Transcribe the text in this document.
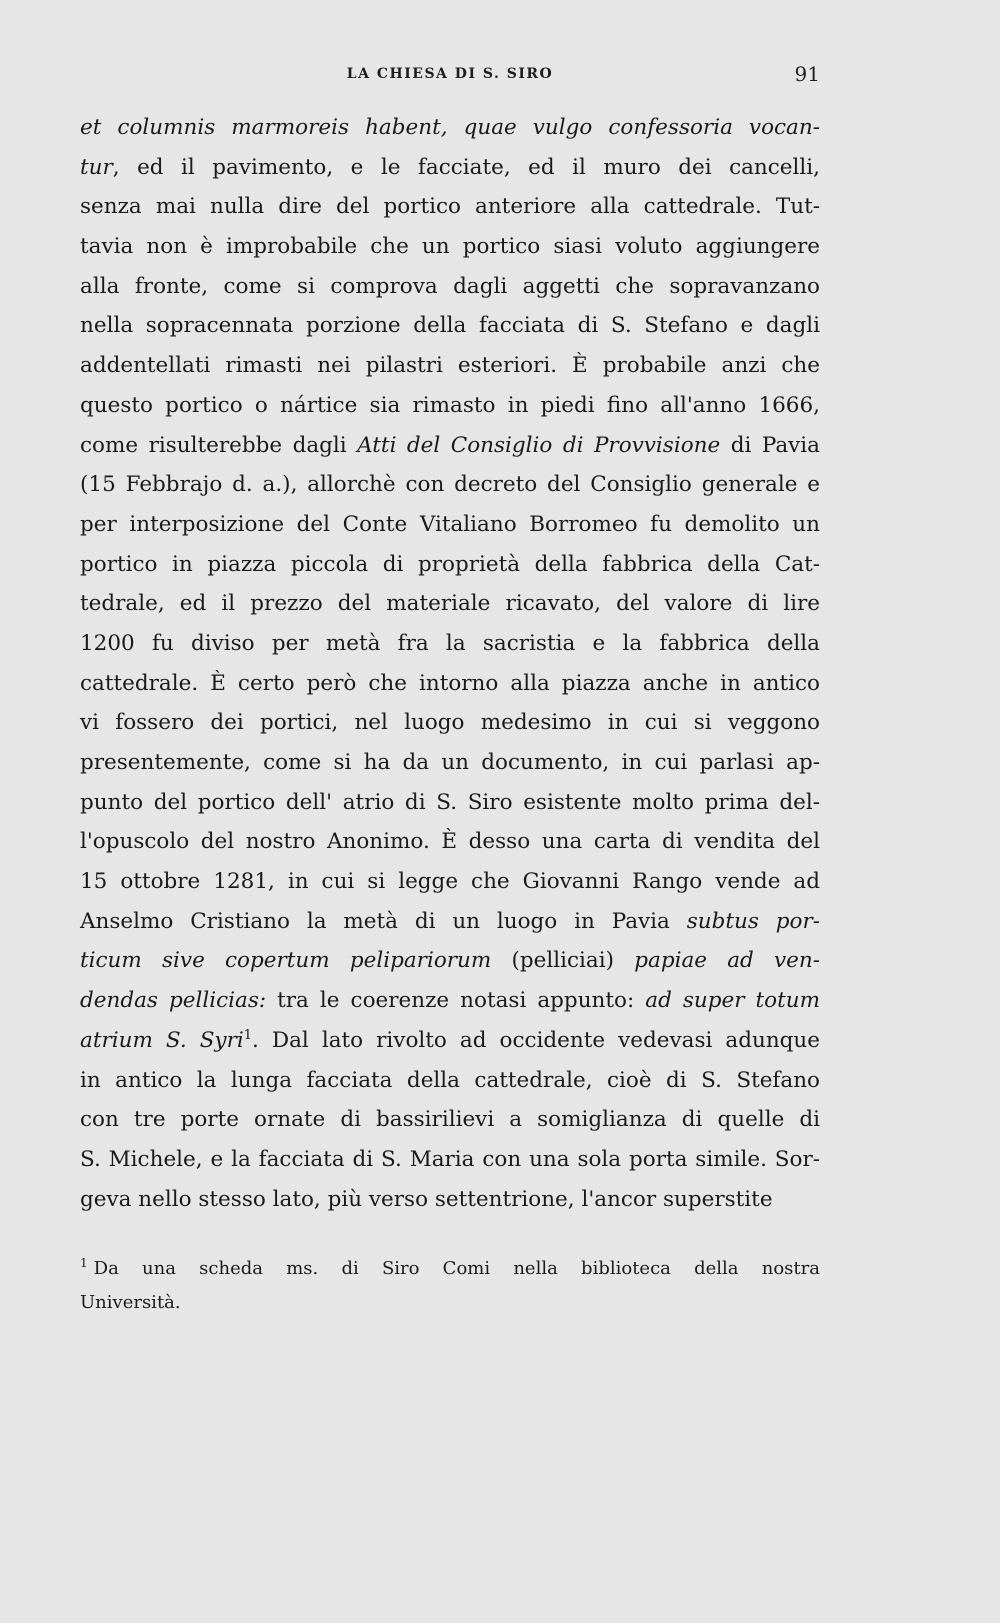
LA CHIESA DI S. SIRO	91
et columnis marmoreis habent, quae vulgo confessoria vocan-
tur, ed il pavimento, e le facciate, ed il muro dei cancelli,
senza mai nulla dire del portico anteriore alla cattedrale. Tut-
tavia non è improbabile che un portico siasi voluto aggiungere
alla fronte, come si comprova dagli aggetti che sopravanzano
nella sopracennata porzione della facciata di S. Stefano e dagli
addentellati rimasti nei pilastri esteriori. È probabile anzi che
questo portico o nártice sia rimasto in piedi fino all'anno 1666,
come risulterebbe dagli Atti del Consiglio di Provvisione di Pavia
(15 Febbrajo d. a.), allorchè con decreto del Consiglio generale e
per interposizione del Conte Vitaliano Borromeo fu demolito un
portico in piazza piccola di proprietà della fabbrica della Cat-
tedrale, ed il prezzo del materiale ricavato, del valore di lire
1200 fu diviso per metà fra la sacristia e la fabbrica della
cattedrale. È certo però che intorno alla piazza anche in antico
vi fossero dei portici, nel luogo medesimo in cui si veggono
presentemente, come si ha da un documento, in cui parlasi ap-
punto del portico dell' atrio di S. Siro esistente molto prima del-
l'opuscolo del nostro Anonimo. È desso una carta di vendita del
15 ottobre 1281, in cui si legge che Giovanni Rango vende ad
Anselmo Cristiano la metà di un luogo in Pavia subtus por-
ticum sive copertum pelipariorum (pelliciai) papiae ad ven-
dendas pellicias: tra le coerenze notasi appunto: ad super totum
atrium S. Syri$^1$. Dal lato rivolto ad occidente vedevasi adunque
in antico la lunga facciata della cattedrale, cioè di S. Stefano
con tre porte ornate di bassirilievi a somiglianza di quelle di
S. Michele, e la facciata di S. Maria con una sola porta simile. Sor-
geva nello stesso lato, più verso settentrione, l'ancor superstite
$^1$ Da una scheda ms. di Siro Comi nella biblioteca della nostra
Università.
